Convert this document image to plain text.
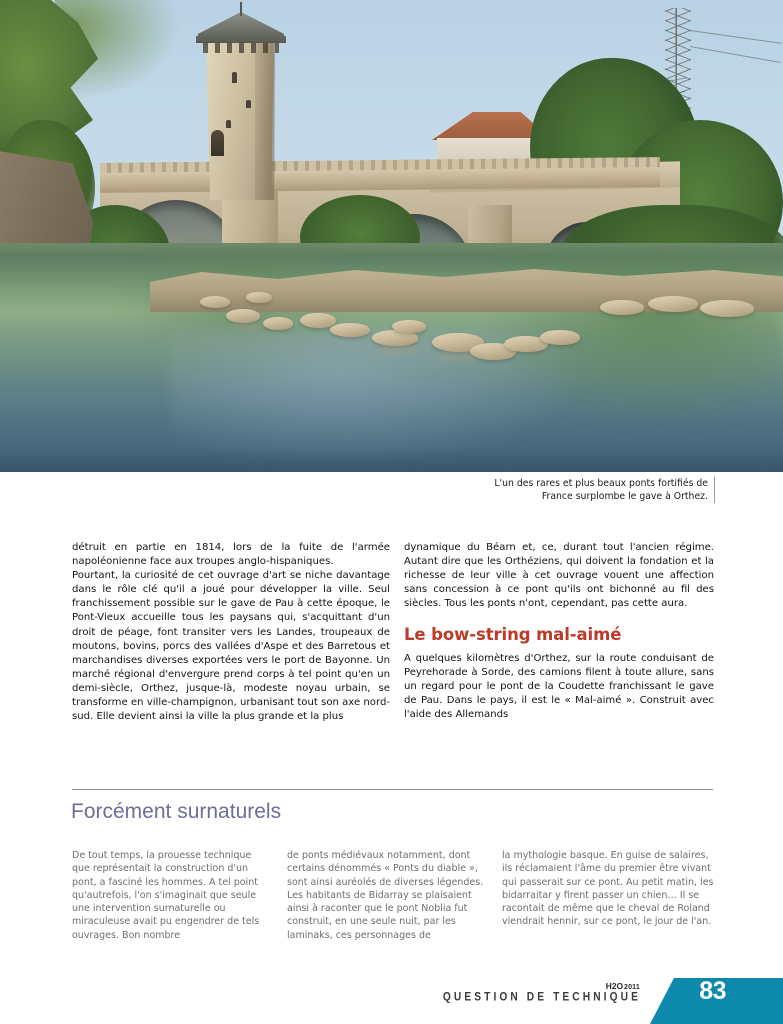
L'un des rares et plus beaux ponts fortifiés de France surplombe le gave à Orthez.

détruit en partie en 1814, lors de la fuite de l'armée napoléonienne face aux troupes anglo-hispaniques.

Pourtant, la curiosité de cet ouvrage d'art se niche davantage dans le rôle clé qu'il a joué pour développer la ville. Seul franchissement possible sur le gave de Pau à cette époque, le Pont-Vieux accueille tous les paysans qui, s'acquittant d'un droit de péage, font transiter vers les Landes, troupeaux de moutons, bovins, porcs des vallées d'Aspe et des Barretous et marchandises diverses exportées vers le port de Bayonne. Un marché régional d'envergure prend corps à tel point qu'en un demi-siècle, Orthez, jusque-là, modeste noyau urbain, se transforme en ville-champignon, urbanisant tout son axe nord-sud. Elle devient ainsi la ville la plus grande et la plus

dynamique du Béarn et, ce, durant tout l'ancien régime. Autant dire que les Orthéziens, qui doivent la fondation et la richesse de leur ville à cet ouvrage vouent une affection sans concession à ce pont qu'ils ont bichonné au fil des siècles. Tous les ponts n'ont, cependant, pas cette aura.

Le bow-string mal-aimé

A quelques kilomètres d'Orthez, sur la route conduisant de Peyrehorade à Sorde, des camions filent à toute allure, sans un regard pour le pont de la Coudette franchissant le gave de Pau. Dans le pays, il est le « Mal-aimé ». Construit avec l'aide des Allemands

Forcément surnaturels

De tout temps, la prouesse technique que représentait la construction d'un pont, a fasciné les hommes. A tel point qu'autrefois, l'on s'imaginait que seule une intervention surnaturelle ou miraculeuse avait pu engendrer de tels ouvrages. Bon nombre

de ponts médiévaux notamment, dont certains dénommés « Ponts du diable », sont ainsi auréolés de diverses légendes. Les habitants de Bidarray se plaisaient ainsi à raconter que le pont Noblia fut construit, en une seule nuit, par les laminaks, ces personnages de

la mythologie basque. En guise de salaires, ils réclamaient l'âme du premier être vivant qui passerait sur ce pont. Au petit matin, les bidarraitar y firent passer un chien… Il se racontait de même que le cheval de Roland viendrait hennir, sur ce pont, le jour de l'an.

83
H2O2011
QUESTION DE TECHNIQUE
